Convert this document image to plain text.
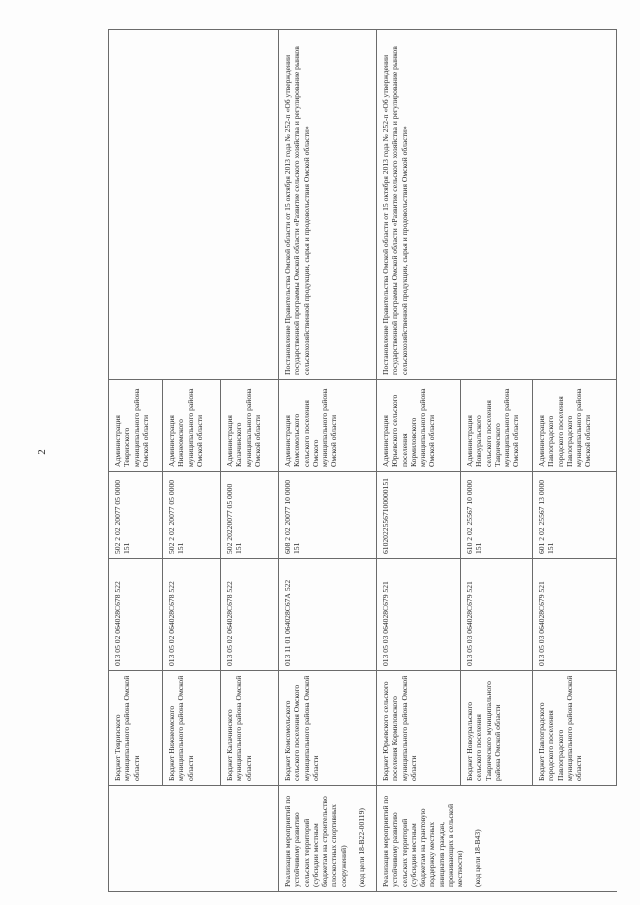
2
	Бюджет Тевризского муниципального района Омской области	013 05 02 064028С678 522	502 2 02 20077 05 0000 151	Администрация Тевризского муниципального района Омской области	
	Бюджет Нижнеомского муниципального района Омской области	013 05 02 064028С678 522	502 2 02 20077 05 0000 151	Администрация Нижнеомского муниципального района Омской области	
	Бюджет Калачинского муниципального района Омской области	013 05 02 064028С678 522	502 20220077 05 0000 151	Администрация Калачинского муниципального района Омской области	
Реализация мероприятий по устойчивому развитию сельских территорий (субсидии местным бюджетам на строительство плоскостных спортивных сооружений) (код цели 18-В22-00119)	Бюджет Комсомольского сельского поселения Омского муниципального района Омской области	013 11 01 064028С67А 522	608 2 02 20077 10 0000 151	Администрация Комсомольского сельского поселения Омского муниципального района Омской области	Постановление Правительства Омской области от 15 октября 2013 года № 252-п «Об утверждении государственной программы Омской области «Развитие сельского хозяйства и регулирование рынков сельскохозяйственной продукции, сырья и продовольствия Омской области»
Реализация мероприятий по устойчивому развитию сельских территорий (субсидии местным бюджетам на грантовую поддержку местных инициатив граждан, проживающих в сельской местности) (код цели 18-В43)	Бюджет Юрьевского сельского поселения Кормиловского муниципального района Омской области	013 05 03 064028С679 521	61020225567100000151	Администрация Юрьевского сельского поселения Кормиловского муниципального района Омской области	Постановление Правительства Омской области от 15 октября 2013 года № 252-п «Об утверждении государственной программы Омской области «Развитие сельского хозяйства и регулирование рынков сельскохозяйственной продукции, сырья и продовольствия Омской области»
	Бюджет Новоуральского сельского поселения Таврического муниципального района Омской области	013 05 03 064028С679 521	610 2 02 25567 10 0000 151	Администрация Новоуральского сельского поселения Таврического муниципального района Омской области	
	Бюджет Павлоградского городского поселения Павлоградского муниципального района Омской области	013 05 03 064028С679 521	601 2 02 25567 13 0000 151	Администрация Павлоградского городского поселения Павлоградского муниципального района Омской области	
